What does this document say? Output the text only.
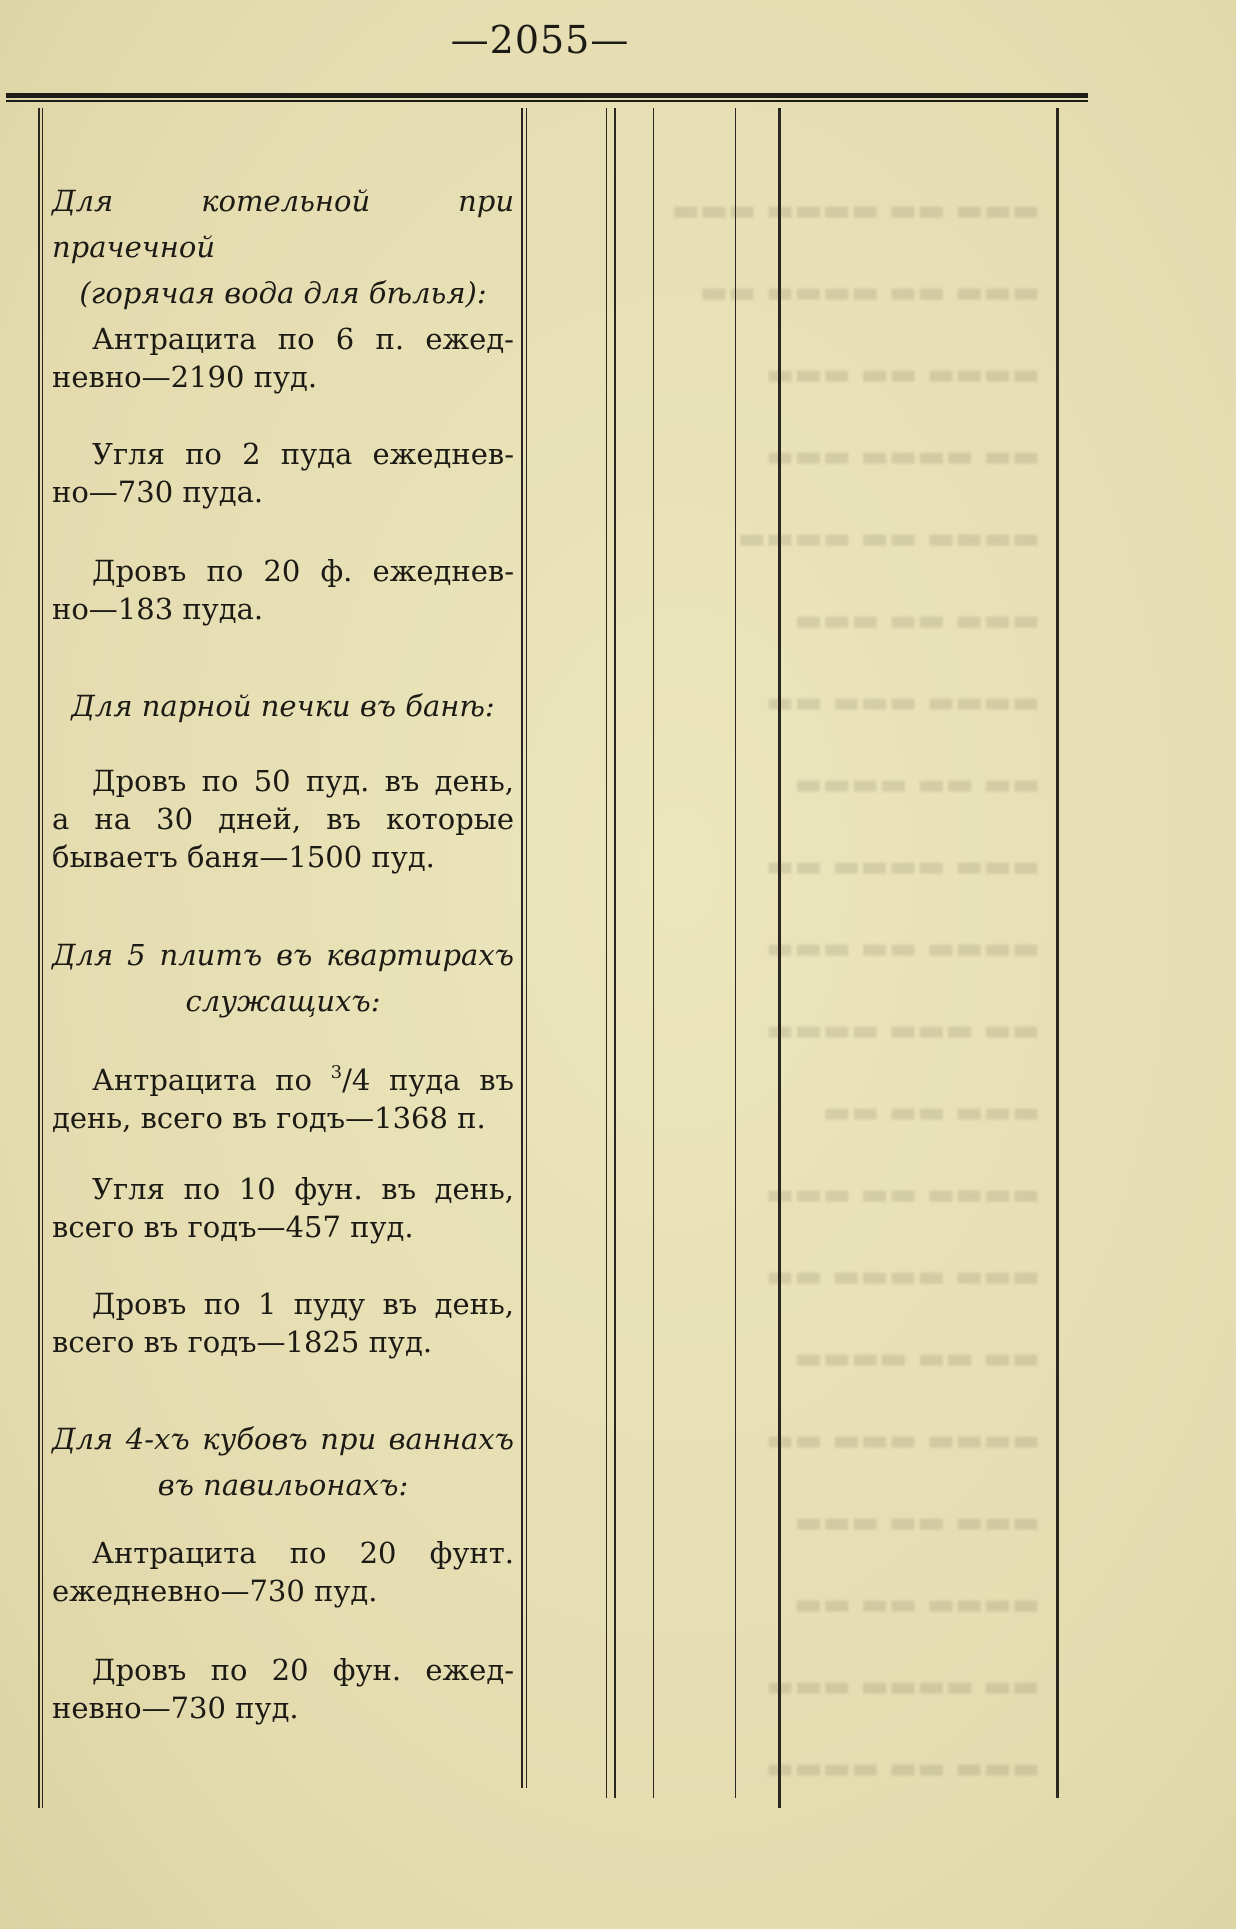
—2055—
▬▬▬ ▬▬ ▬▬▬▬ ▬▬▬
▬▬▬ ▬▬ ▬▬▬▬ ▬▬
▬▬▬▬ ▬▬ ▬▬▬
▬▬ ▬▬▬▬ ▬▬▬
▬▬▬▬ ▬▬ ▬▬▬▬
▬▬▬ ▬▬ ▬▬▬
▬▬▬▬ ▬▬▬ ▬▬
▬▬ ▬▬ ▬▬▬▬
▬▬▬ ▬▬▬▬ ▬▬
▬▬▬▬ ▬▬ ▬▬▬
▬▬ ▬▬▬ ▬▬▬▬
▬▬▬ ▬▬ ▬▬
▬▬▬▬ ▬▬ ▬▬▬
▬▬▬ ▬▬▬▬ ▬▬
▬▬ ▬▬ ▬▬▬▬
▬▬▬▬ ▬▬▬ ▬▬
▬▬▬ ▬▬ ▬▬▬
▬▬▬▬ ▬▬ ▬▬
▬▬ ▬▬▬▬ ▬▬▬
▬▬▬ ▬▬ ▬▬▬▬
Для котельной при прачечной
(горячая вода для бѣлья):
Антрацита по 6 п. ежед-
невно—2190 пуд.
Угля по 2 пуда ежеднев-
но—730 пуда.
Дровъ по 20 ф. ежеднев-
но—183 пуда.
Для парной печки въ банѣ:
Дровъ по 50 пуд. въ день,
а на 30 дней, въ которые
бываетъ баня—1500 пуд.
Для 5 плитъ въ квартирахъ
служащихъ:
Антрацита по $^3$/4 пуда въ
день, всего въ годъ—1368 п.
Угля по 10 фун. въ день,
всего въ годъ—457 пуд.
Дровъ по 1 пуду въ день,
всего въ годъ—1825 пуд.
Для 4-хъ кубовъ при ваннахъ
въ павильонахъ:
Антрацита по 20 фунт.
ежедневно—730 пуд.
Дровъ по 20 фун. ежед-
невно—730 пуд.
